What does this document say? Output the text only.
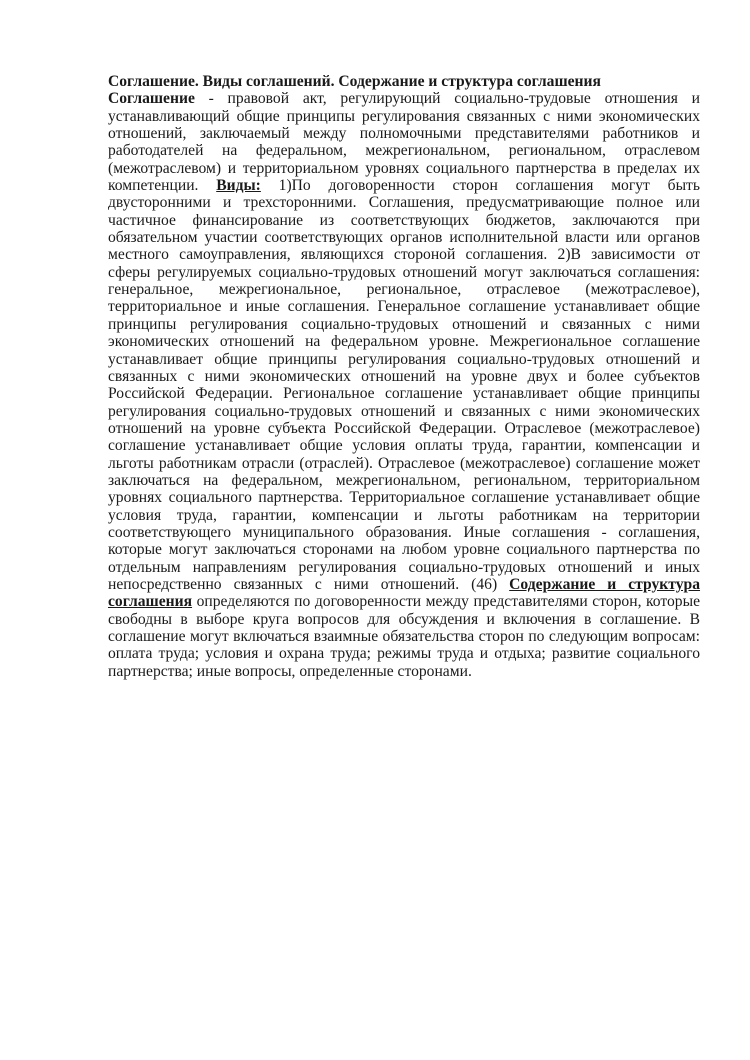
Соглашение. Виды соглашений. Содержание и структура соглашения

Соглашение - правовой акт, регулирующий социально-трудовые отношения и устанавливающий общие принципы регулирования связанных с ними экономических отношений, заключаемый между полномочными представителями работников и работодателей на федеральном, межрегиональном, региональном, отраслевом (межотраслевом) и территориальном уровнях социального партнерства в пределах их компетенции. Виды: 1)По договоренности сторон соглашения могут быть двусторонними и трехсторонними. Соглашения, предусматривающие полное или частичное финансирование из соответствующих бюджетов, заключаются при обязательном участии соответствующих органов исполнительной власти или органов местного самоуправления, являющихся стороной соглашения. 2)В зависимости от сферы регулируемых социально-трудовых отношений могут заключаться соглашения: генеральное, межрегиональное, региональное, отраслевое (межотраслевое), территориальное и иные соглашения. Генеральное соглашение устанавливает общие принципы регулирования социально-трудовых отношений и связанных с ними экономических отношений на федеральном уровне. Межрегиональное соглашение устанавливает общие принципы регулирования социально-трудовых отношений и связанных с ними экономических отношений на уровне двух и более субъектов Российской Федерации. Региональное соглашение устанавливает общие принципы регулирования социально-трудовых отношений и связанных с ними экономических отношений на уровне субъекта Российской Федерации. Отраслевое (межотраслевое) соглашение устанавливает общие условия оплаты труда, гарантии, компенсации и льготы работникам отрасли (отраслей). Отраслевое (межотраслевое) соглашение может заключаться на федеральном, межрегиональном, региональном, территориальном уровнях социального партнерства. Территориальное соглашение устанавливает общие условия труда, гарантии, компенсации и льготы работникам на территории соответствующего муниципального образования. Иные соглашения - соглашения, которые могут заключаться сторонами на любом уровне социального партнерства по отдельным направлениям регулирования социально-трудовых отношений и иных непосредственно связанных с ними отношений. (46) Содержание и структура соглашения определяются по договоренности между представителями сторон, которые свободны в выборе круга вопросов для обсуждения и включения в соглашение. В соглашение могут включаться взаимные обязательства сторон по следующим вопросам: оплата труда; условия и охрана труда; режимы труда и отдыха; развитие социального партнерства; иные вопросы, определенные сторонами.
